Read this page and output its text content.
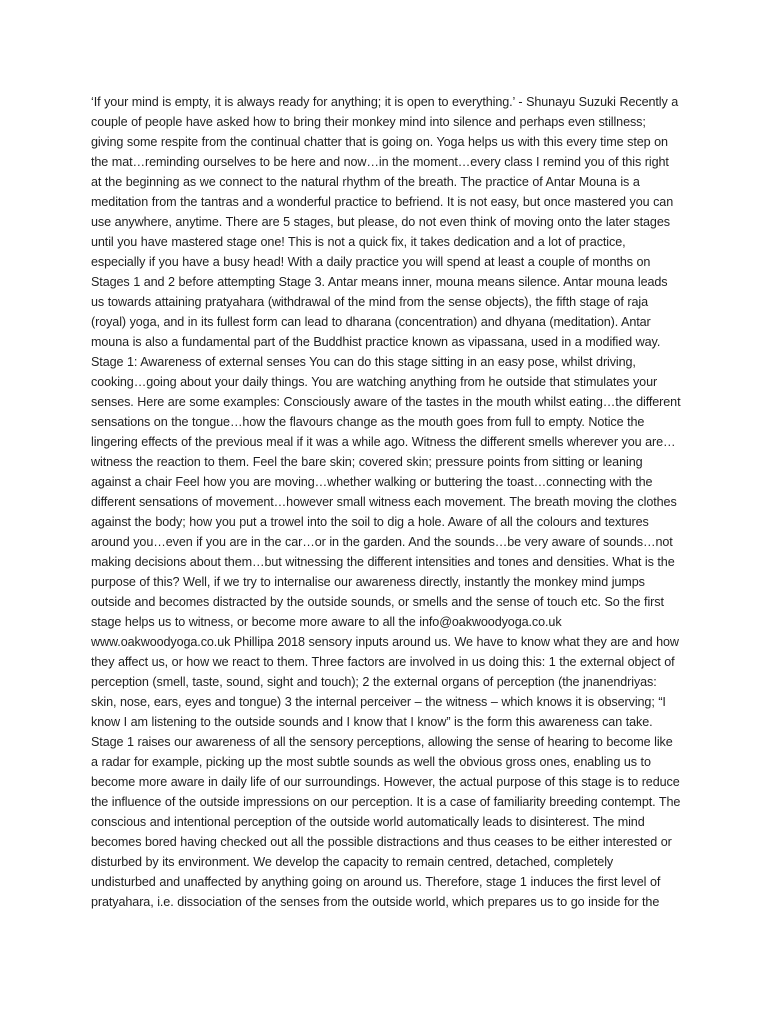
‘If your mind is empty, it is always ready for anything; it is open to everything.’ - Shunayu Suzuki Recently a couple of people have asked how to bring their monkey mind into silence and perhaps even stillness; giving some respite from the continual chatter that is going on. Yoga helps us with this every time step on the mat…reminding ourselves to be here and now…in the moment…every class I remind you of this right at the beginning as we connect to the natural rhythm of the breath. The practice of Antar Mouna is a meditation from the tantras and a wonderful practice to befriend. It is not easy, but once mastered you can use anywhere, anytime. There are 5 stages, but please, do not even think of moving onto the later stages until you have mastered stage one! This is not a quick fix, it takes dedication and a lot of practice, especially if you have a busy head! With a daily practice you will spend at least a couple of months on Stages 1 and 2 before attempting Stage 3. Antar means inner, mouna means silence. Antar mouna leads us towards attaining pratyahara (withdrawal of the mind from the sense objects), the fifth stage of raja (royal) yoga, and in its fullest form can lead to dharana (concentration) and dhyana (meditation). Antar mouna is also a fundamental part of the Buddhist practice known as vipassana, used in a modified way. Stage 1: Awareness of external senses You can do this stage sitting in an easy pose, whilst driving, cooking…going about your daily things. You are watching anything from he outside that stimulates your senses. Here are some examples: Consciously aware of the tastes in the mouth whilst eating…the different sensations on the tongue…how the flavours change as the mouth goes from full to empty. Notice the lingering effects of the previous meal if it was a while ago. Witness the different smells wherever you are…witness the reaction to them. Feel the bare skin; covered skin; pressure points from sitting or leaning against a chair Feel how you are moving…whether walking or buttering the toast…connecting with the different sensations of movement…however small witness each movement. The breath moving the clothes against the body; how you put a trowel into the soil to dig a hole. Aware of all the colours and textures around you…even if you are in the car…or in the garden. And the sounds…be very aware of sounds…not making decisions about them…but witnessing the different intensities and tones and densities. What is the purpose of this? Well, if we try to internalise our awareness directly, instantly the monkey mind jumps outside and becomes distracted by the outside sounds, or smells and the sense of touch etc. So the first stage helps us to witness, or become more aware to all the info@oakwoodyoga.co.uk www.oakwoodyoga.co.uk Phillipa 2018 sensory inputs around us. We have to know what they are and how they affect us, or how we react to them. Three factors are involved in us doing this: 1 the external object of perception (smell, taste, sound, sight and touch); 2 the external organs of perception (the jnanendriyas: skin, nose, ears, eyes and tongue) 3 the internal perceiver – the witness – which knows it is observing; “I know I am listening to the outside sounds and I know that I know” is the form this awareness can take. Stage 1 raises our awareness of all the sensory perceptions, allowing the sense of hearing to become like a radar for example, picking up the most subtle sounds as well the obvious gross ones, enabling us to become more aware in daily life of our surroundings. However, the actual purpose of this stage is to reduce the influence of the outside impressions on our perception. It is a case of familiarity breeding contempt. The conscious and intentional perception of the outside world automatically leads to disinterest. The mind becomes bored having checked out all the possible distractions and thus ceases to be either interested or disturbed by its environment. We develop the capacity to remain centred, detached, completely undisturbed and unaffected by anything going on around us. Therefore, stage 1 induces the first level of pratyahara, i.e. dissociation of the senses from the outside world, which prepares us to go inside for the
